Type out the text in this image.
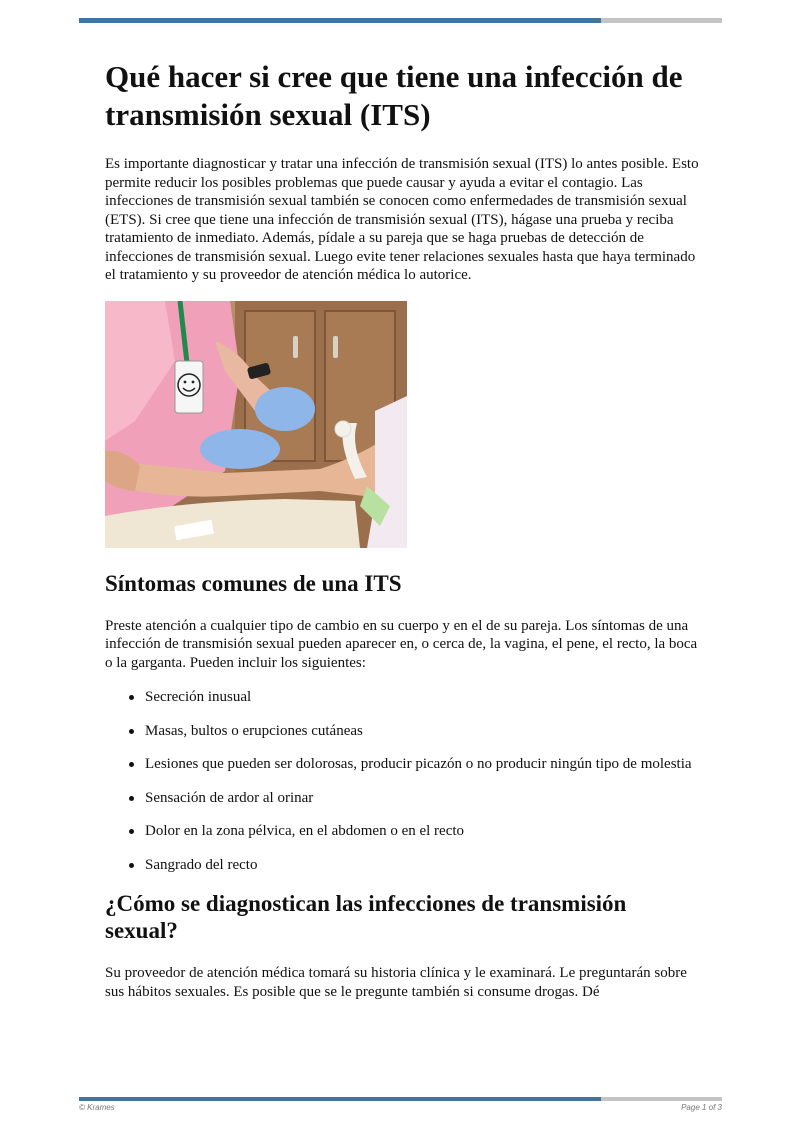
Qué hacer si cree que tiene una infección de transmisión sexual (ITS)

Es importante diagnosticar y tratar una infección de transmisión sexual (ITS) lo antes posible. Esto permite reducir los posibles problemas que puede causar y ayuda a evitar el contagio. Las infecciones de transmisión sexual también se conocen como enfermedades de transmisión sexual (ETS). Si cree que tiene una infección de transmisión sexual (ITS), hágase una prueba y reciba tratamiento de inmediato. Además, pídale a su pareja que se haga pruebas de detección de infecciones de transmisión sexual. Luego evite tener relaciones sexuales hasta que haya terminado el tratamiento y su proveedor de atención médica lo autorice.

Síntomas comunes de una ITS

Preste atención a cualquier tipo de cambio en su cuerpo y en el de su pareja. Los síntomas de una infección de transmisión sexual pueden aparecer en, o cerca de, la vagina, el pene, el recto, la boca o la garganta. Pueden incluir los siguientes:

Secreción inusual
Masas, bultos o erupciones cutáneas
Lesiones que pueden ser dolorosas, producir picazón o no producir ningún tipo de molestia
Sensación de ardor al orinar
Dolor en la zona pélvica, en el abdomen o en el recto
Sangrado del recto
¿Cómo se diagnostican las infecciones de transmisión sexual?

Su proveedor de atención médica tomará su historia clínica y le examinará. Le preguntarán sobre sus hábitos sexuales. Es posible que se le pregunte también si consume drogas. Dé

© Krames	Page 1 of 3
